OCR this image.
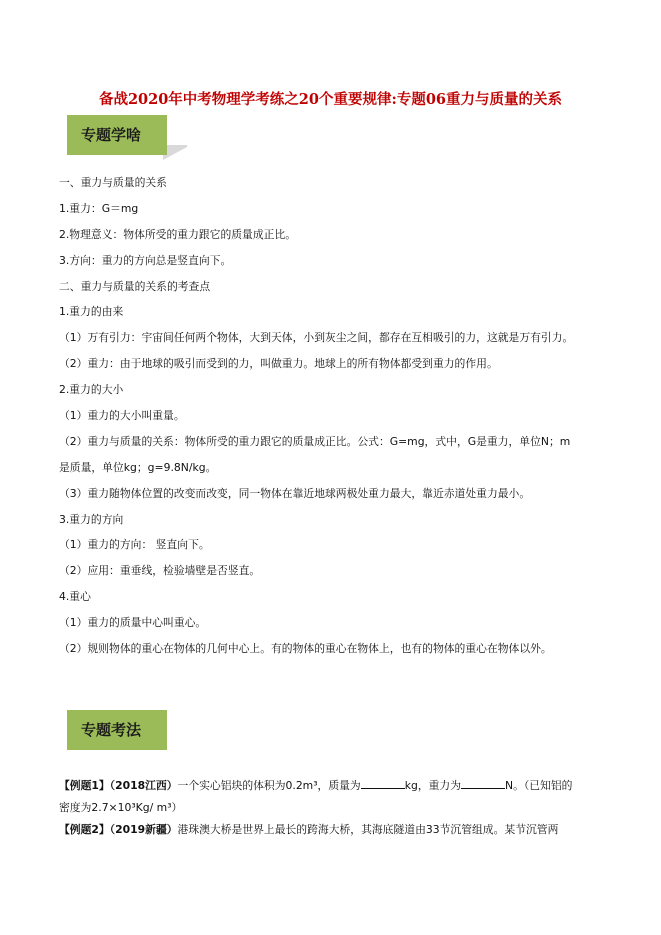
备战2020年中考物理学考练之20个重要规律:专题06重力与质量的关系
专题学啥
一、重力与质量的关系
1.重力：G＝mg
2.物理意义：物体所受的重力跟它的质量成正比。
3.方向：重力的方向总是竖直向下。
二、重力与质量的关系的考查点
1.重力的由来
（1）万有引力：宇宙间任何两个物体，大到天体，小到灰尘之间，都存在互相吸引的力，这就是万有引力。
（2）重力：由于地球的吸引而受到的力，叫做重力。地球上的所有物体都受到重力的作用。
2.重力的大小
（1）重力的大小叫重量。
（2）重力与质量的关系：物体所受的重力跟它的质量成正比。公式：G=mg，式中，G是重力，单位N；m
是质量，单位kg；g=9.8N/kg。
（3）重力随物体位置的改变而改变，同一物体在靠近地球两极处重力最大，靠近赤道处重力最小。
3.重力的方向
（1）重力的方向： 竖直向下。
（2）应用：重垂线，检验墙壁是否竖直。
4.重心
（1）重力的质量中心叫重心。
（2）规则物体的重心在物体的几何中心上。有的物体的重心在物体上，也有的物体的重心在物体以外。
专题考法
【例题1】（2018江西）一个实心铝块的体积为0.2m³，质量为	kg，重力为	N。（已知铝的
密度为2.7×10³Kg/ m³）
【例题2】（2019新疆）港珠澳大桥是世界上最长的跨海大桥，其海底隧道由33节沉管组成。某节沉管两
